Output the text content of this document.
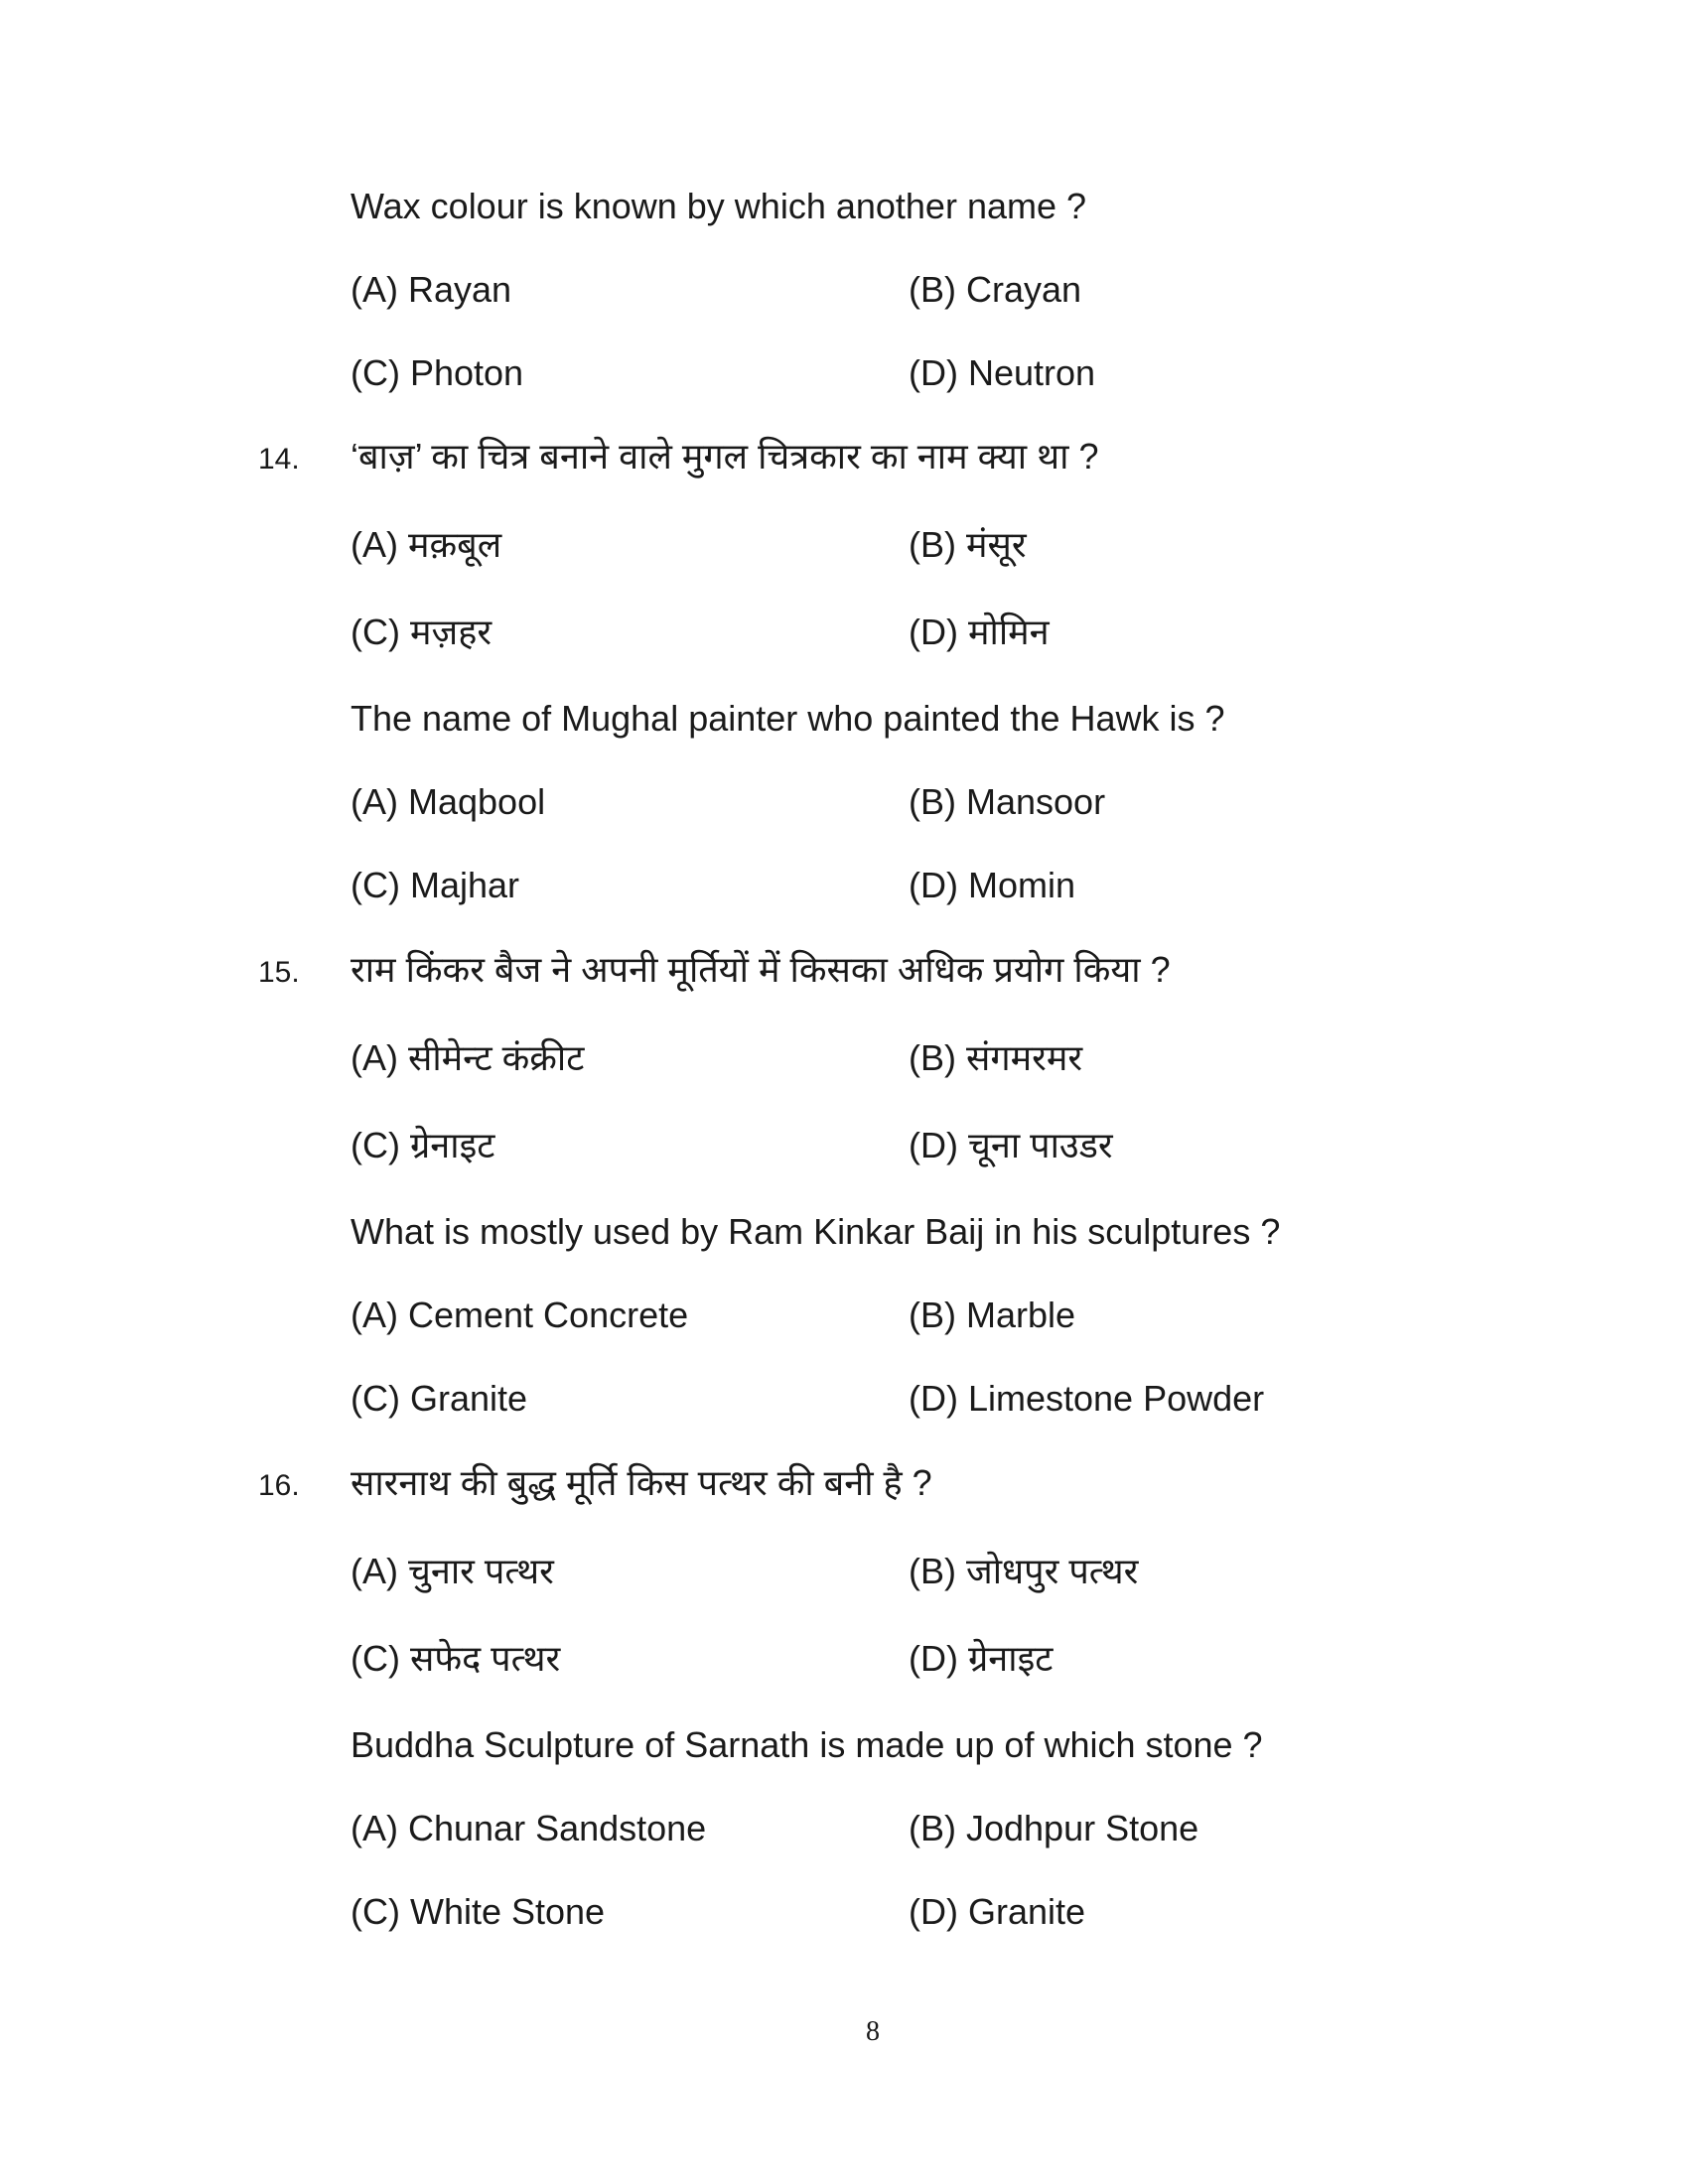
Wax colour is known by which another name ?
(A) Rayan	(B) Crayan
(C) Photon	(D) Neutron
14. ‘बाज़’ का चित्र बनाने वाले मुगल चित्रकार का नाम क्या था ?
(A) मक़बूल	(B) मंसूर
(C) मज़हर	(D) मोमिन
The name of Mughal painter who painted the Hawk is ?
(A) Maqbool	(B) Mansoor
(C) Majhar	(D) Momin
15. राम किंकर बैज ने अपनी मूर्तियों में किसका अधिक प्रयोग किया ?
(A) सीमेन्ट कंक्रीट	(B) संगमरमर
(C) ग्रेनाइट	(D) चूना पाउडर
What is mostly used by Ram Kinkar Baij in his sculptures ?
(A) Cement Concrete	(B) Marble
(C) Granite	(D) Limestone Powder
16. सारनाथ की बुद्ध मूर्ति किस पत्थर की बनी है ?
(A) चुनार पत्थर	(B) जोधपुर पत्थर
(C) सफेद पत्थर	(D) ग्रेनाइट
Buddha Sculpture of Sarnath is made up of which stone ?
(A) Chunar Sandstone	(B) Jodhpur Stone
(C) White Stone	(D) Granite
8
